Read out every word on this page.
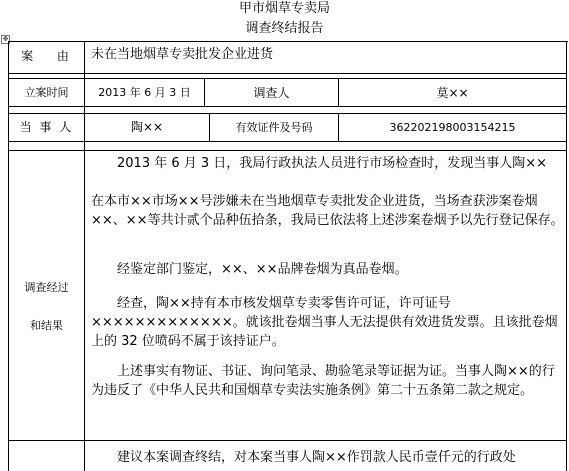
甲市烟草专卖局
调查终结报告
✥
案 由 未在当地烟草专卖批发企业进货
立案时间	2013 年 6 月 3 日	调查人	莫××
当 事 人	陶××	有效证件及号码	362202198003154215
调查经过
和结果

2013 年 6 月 3 日，我局行政执法人员进行市场检查时，发现当事人陶××

在本市××市场××号涉嫌未在当地烟草专卖批发企业进货，当场查获涉案卷烟××、××等共计贰个品种伍拾条，我局已依法将上述涉案卷烟予以先行登记保存。

经鉴定部门鉴定，××、××品牌卷烟为真品卷烟。

经查，陶××持有本市核发烟草专卖零售许可证，许可证号×××××××××××××。就该批卷烟当事人无法提供有效进货发票。且该批卷烟上的 32 位喷码不属于该持证户。

上述事实有物证、书证、询问笔录、勘验笔录等证据为证。当事人陶××的行为违反了《中华人民共和国烟草专卖法实施条例》第二十五条第二款之规定。

建议本案调查终结，对本案当事人陶××作罚款人民币壹仟元的行政处
